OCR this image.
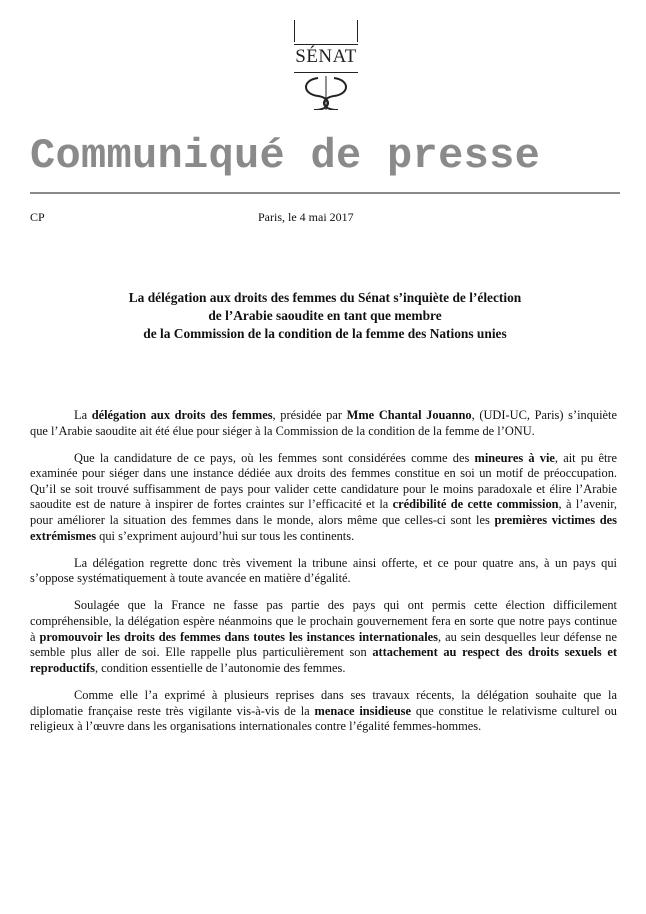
SÉNAT
Communiqué de presse
CP	Paris, le 4 mai 2017
La délégation aux droits des femmes du Sénat s’inquiète de l’élection
de l’Arabie saoudite en tant que membre
de la Commission de la condition de la femme des Nations unies

La délégation aux droits des femmes, présidée par Mme Chantal Jouanno, (UDI-UC, Paris) s’inquiète que l’Arabie saoudite ait été élue pour siéger à la Commission de la condition de la femme de l’ONU.

Que la candidature de ce pays, où les femmes sont considérées comme des mineures à vie, ait pu être examinée pour siéger dans une instance dédiée aux droits des femmes constitue en soi un motif de préoccupation. Qu’il se soit trouvé suffisamment de pays pour valider cette candidature pour le moins paradoxale et élire l’Arabie saoudite est de nature à inspirer de fortes craintes sur l’efficacité et la crédibilité de cette commission, à l’avenir, pour améliorer la situation des femmes dans le monde, alors même que celles-ci sont les premières victimes des extrémismes qui s’expriment aujourd’hui sur tous les continents.

La délégation regrette donc très vivement la tribune ainsi offerte, et ce pour quatre ans, à un pays qui s’oppose systématiquement à toute avancée en matière d’égalité.

Soulagée que la France ne fasse pas partie des pays qui ont permis cette élection difficilement compréhensible, la délégation espère néanmoins que le prochain gouvernement fera en sorte que notre pays continue à promouvoir les droits des femmes dans toutes les instances internationales, au sein desquelles leur défense ne semble plus aller de soi. Elle rappelle plus particulièrement son attachement au respect des droits sexuels et reproductifs, condition essentielle de l’autonomie des femmes.

Comme elle l’a exprimé à plusieurs reprises dans ses travaux récents, la délégation souhaite que la diplomatie française reste très vigilante vis-à-vis de la menace insidieuse que constitue le relativisme culturel ou religieux à l’œuvre dans les organisations internationales contre l’égalité femmes-hommes.
